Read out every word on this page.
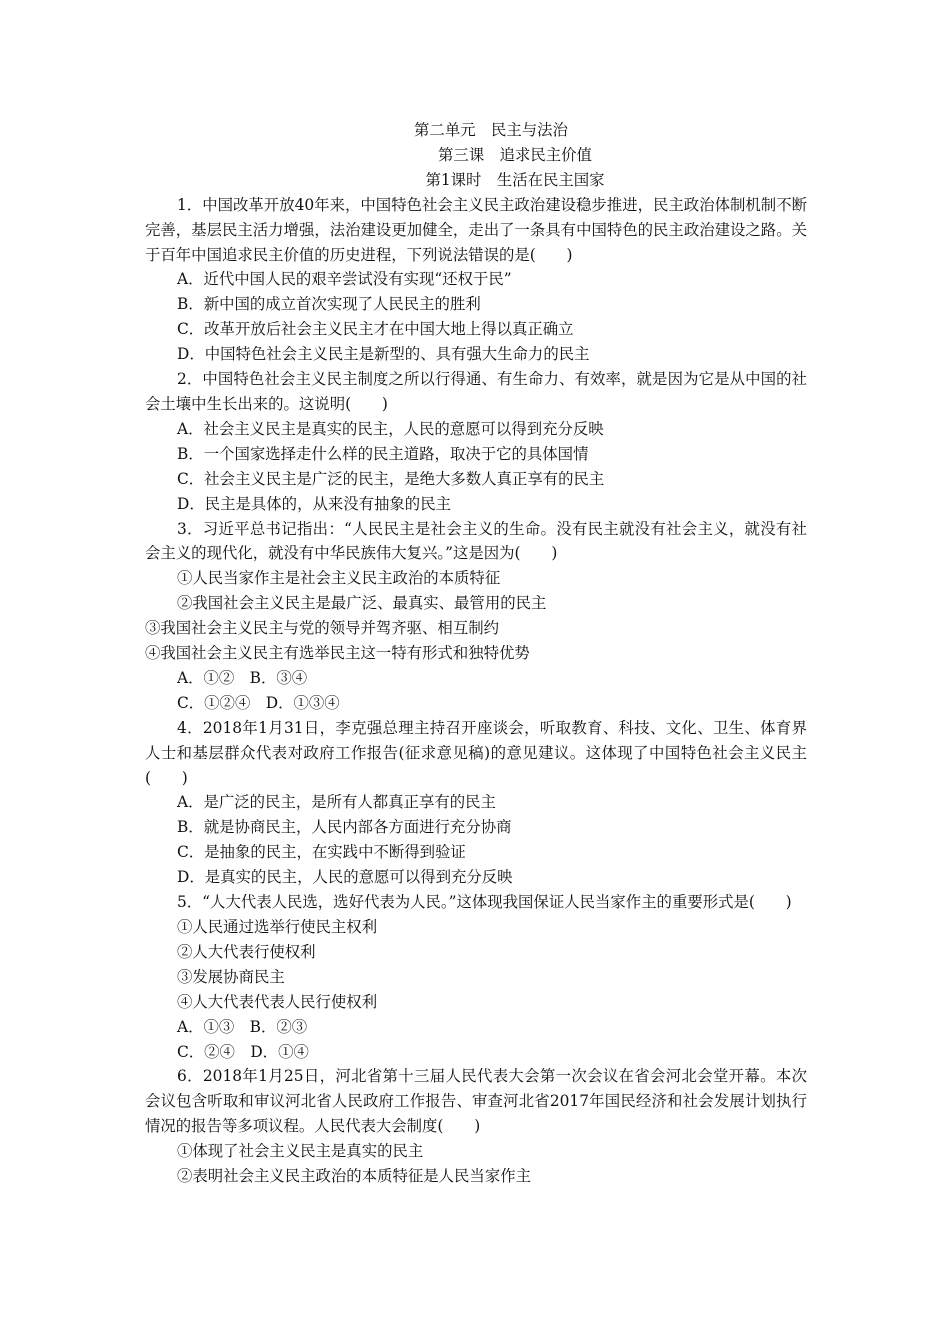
第二单元　民主与法治

第三课　追求民主价值

第1课时　生活在民主国家

1．中国改革开放40年来，中国特色社会主义民主政治建设稳步推进，民主政治体制机制不断完善，基层民主活力增强，法治建设更加健全，走出了一条具有中国特色的民主政治建设之路。关于百年中国追求民主价值的历史进程，下列说法错误的是(　　)

A．近代中国人民的艰辛尝试没有实现“还权于民”

B．新中国的成立首次实现了人民民主的胜利

C．改革开放后社会主义民主才在中国大地上得以真正确立

D．中国特色社会主义民主是新型的、具有强大生命力的民主

2．中国特色社会主义民主制度之所以行得通、有生命力、有效率，就是因为它是从中国的社会土壤中生长出来的。这说明(　　)

A．社会主义民主是真实的民主，人民的意愿可以得到充分反映

B．一个国家选择走什么样的民主道路，取决于它的具体国情

C．社会主义民主是广泛的民主，是绝大多数人真正享有的民主

D．民主是具体的，从来没有抽象的民主

3．习近平总书记指出：“人民民主是社会主义的生命。没有民主就没有社会主义，就没有社会主义的现代化，就没有中华民族伟大复兴。”这是因为(　　)

①人民当家作主是社会主义民主政治的本质特征

②我国社会主义民主是最广泛、最真实、最管用的民主

③我国社会主义民主与党的领导并驾齐驱、相互制约

④我国社会主义民主有选举民主这一特有形式和独特优势

A．①②　B．③④

C．①②④　D．①③④

4．2018年1月31日，李克强总理主持召开座谈会，听取教育、科技、文化、卫生、体育界人士和基层群众代表对政府工作报告(征求意见稿)的意见建议。这体现了中国特色社会主义民主(　　)

A．是广泛的民主，是所有人都真正享有的民主

B．就是协商民主，人民内部各方面进行充分协商

C．是抽象的民主，在实践中不断得到验证

D．是真实的民主，人民的意愿可以得到充分反映

5．“人大代表人民选，选好代表为人民。”这体现我国保证人民当家作主的重要形式是(　　)

①人民通过选举行使民主权利

②人大代表行使权利

③发展协商民主

④人大代表代表人民行使权利

A．①③　B．②③

C．②④　D．①④

6．2018年1月25日，河北省第十三届人民代表大会第一次会议在省会河北会堂开幕。本次会议包含听取和审议河北省人民政府工作报告、审查河北省2017年国民经济和社会发展计划执行情况的报告等多项议程。人民代表大会制度(　　)

①体现了社会主义民主是真实的民主

②表明社会主义民主政治的本质特征是人民当家作主
